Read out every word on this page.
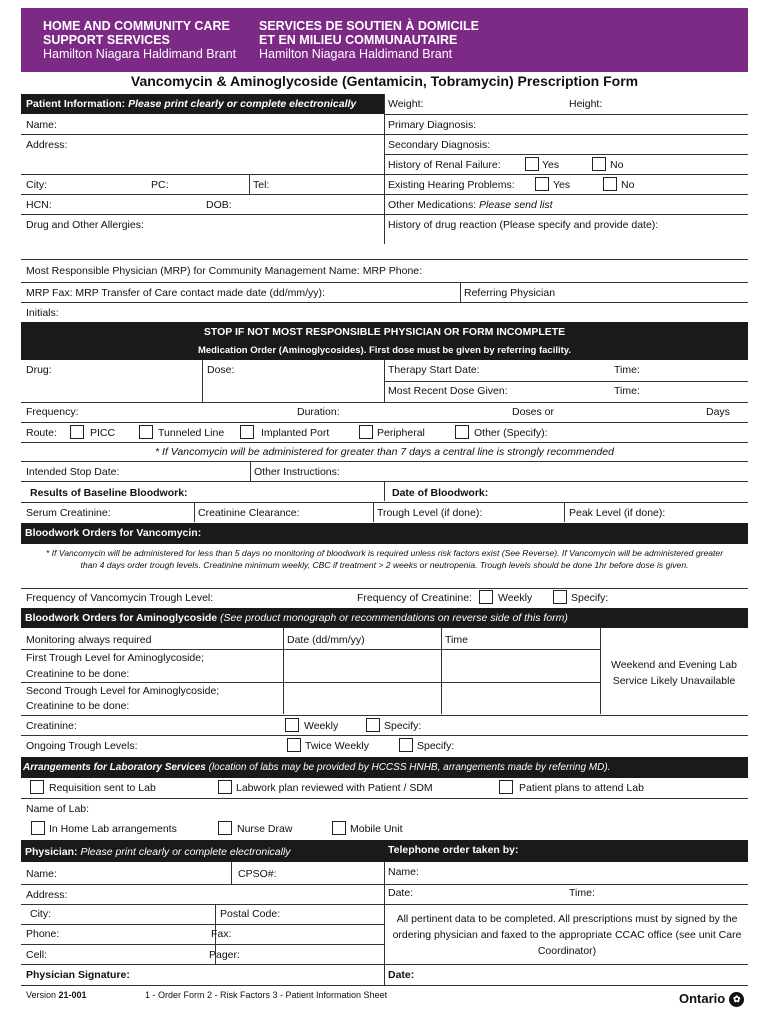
HOME AND COMMUNITY CARE
SUPPORT SERVICES
Hamilton Niagara Haldimand Brant
SERVICES DE SOUTIEN À DOMICILE
ET EN MILIEU COMMUNAUTAIRE
Hamilton Niagara Haldimand Brant
Vancomycin & Aminoglycoside (Gentamicin, Tobramycin) Prescription Form
Patient Information: Please print clearly or complete electronically	Weight:	Height:
Name:	Primary Diagnosis:
Address:	Secondary Diagnosis:
History of Renal Failure:	Yes	No
City:	PC:	Tel:	Existing Hearing Problems:	Yes	No
HCN:	DOB:	Other Medications: Please send list
Drug and Other Allergies:	History of drug reaction (Please specify and provide date):
Most Responsible Physician (MRP) for Community Management Name: MRP Phone:
MRP Fax: MRP Transfer of Care contact made date (dd/mm/yy):	Referring Physician
Initials:
STOP IF NOT MOST RESPONSIBLE PHYSICIAN OR FORM INCOMPLETE
Medication Order (Aminoglycosides). First dose must be given by referring facility.
Drug:	Dose:	Therapy Start Date:	Time:
Most Recent Dose Given:	Time:
Frequency:	Duration:	Doses or	Days
Route:	PICC	Tunneled Line	Implanted Port	Peripheral	Other (Specify):
* If Vancomycin will be administered for greater than 7 days a central line is strongly recommended
Intended Stop Date:	Other Instructions:
Results of Baseline Bloodwork:	Date of Bloodwork:
Serum Creatinine:	Creatinine Clearance:	Trough Level (if done):	Peak Level (if done):
Bloodwork Orders for Vancomycin:
* If Vancomycin will be administered for less than 5 days no monitoring of bloodwork is required unless risk factors exist (See Reverse). If Vancomycin will be administered greater than 4 days order trough levels. Creatinine minimum weekly, CBC if treatment > 2 weeks or neutropenia. Trough levels should be done 1hr before dose is given.
Frequency of Vancomycin Trough Level:	Frequency of Creatinine: Weekly	Specify:
Bloodwork Orders for Aminoglycoside (See product monograph or recommendations on reverse side of this form)
Monitoring always required	Date (dd/mm/yy)	Time
Weekend and Evening Lab Service Likely Unavailable
First Trough Level for Aminoglycoside;
Creatinine to be done:
Second Trough Level for Aminoglycoside;
Creatinine to be done:
Creatinine:	Weekly	Specify:
Ongoing Trough Levels:	Twice Weekly	Specify:
Arrangements for Laboratory Services (location of labs may be provided by HCCSS HNHB, arrangements made by referring MD).
Requisition sent to Lab	Labwork plan reviewed with Patient / SDM	Patient plans to attend Lab
Name of Lab:
In Home Lab arrangements	Nurse Draw	Mobile Unit
Physician: Please print clearly or complete electronically	Telephone order taken by:
Name:	CPSO#:	Name:
Address:	Date:	Time:
City:	Postal Code:	All pertinent data to be completed. All prescriptions must by signed by the ordering physician and faxed to the appropriate CCAC office (see unit Care Coordinator)
Phone:	Fax:
Cell:	Pager:
Physician Signature:	Date:
Version 21-001	1 - Order Form 2 - Risk Factors 3 - Patient Information Sheet	Ontario ✿
